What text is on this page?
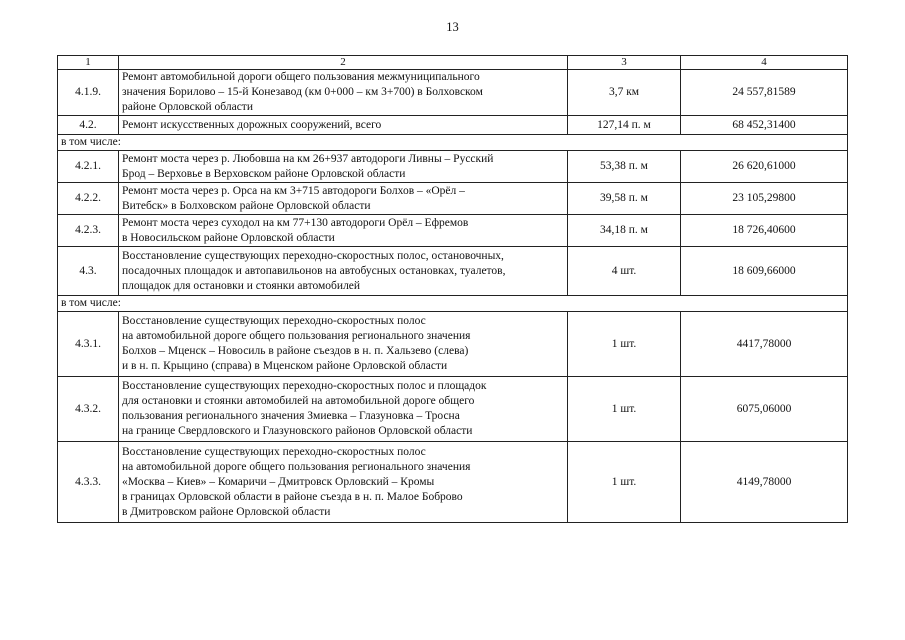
13
1	2	3	4
4.1.9.	Ремонт автомобильной дороги общего пользования межмуниципального
значения Борилово – 15-й Конезавод (км 0+000 – км 3+700) в Болховском
районе Орловской области	3,7 км	24 557,81589
4.2.	Ремонт искусственных дорожных сооружений, всего	127,14 п. м	68 452,31400
в том числе:			
4.2.1.	Ремонт моста через р. Любовша на км 26+937 автодороги Ливны – Русский
Брод – Верховье в Верховском районе Орловской области	53,38 п. м	26 620,61000
4.2.2.	Ремонт моста через р. Орса на км 3+715 автодороги Болхов – «Орёл –
Витебск» в Болховском районе Орловской области	39,58 п. м	23 105,29800
4.2.3.	Ремонт моста через суходол на км 77+130 автодороги Орёл – Ефремов
в Новосильском районе Орловской области	34,18 п. м	18 726,40600
4.3.	Восстановление существующих переходно-скоростных полос, остановочных,
посадочных площадок и автопавильонов на автобусных остановках, туалетов,
площадок для остановки и стоянки автомобилей	4 шт.	18 609,66000
в том числе:			
4.3.1.	Восстановление существующих переходно-скоростных полос
на автомобильной дороге общего пользования регионального значения
Болхов – Мценск – Новосиль в районе съездов в н. п. Хальзево (слева)
и в н. п. Крыцино (справа) в Мценском районе Орловской области	1 шт.	4417,78000
4.3.2.	Восстановление существующих переходно-скоростных полос и площадок
для остановки и стоянки автомобилей на автомобильной дороге общего
пользования регионального значения Змиевка – Глазуновка – Тросна
на границе Свердловского и Глазуновского районов Орловской области	1 шт.	6075,06000
4.3.3.	Восстановление существующих переходно-скоростных полос
на автомобильной дороге общего пользования регионального значения
«Москва – Киев» – Комаричи – Дмитровск Орловский – Кромы
в границах Орловской области в районе съезда в н. п. Малое Боброво
в Дмитровском районе Орловской области	1 шт.	4149,78000
